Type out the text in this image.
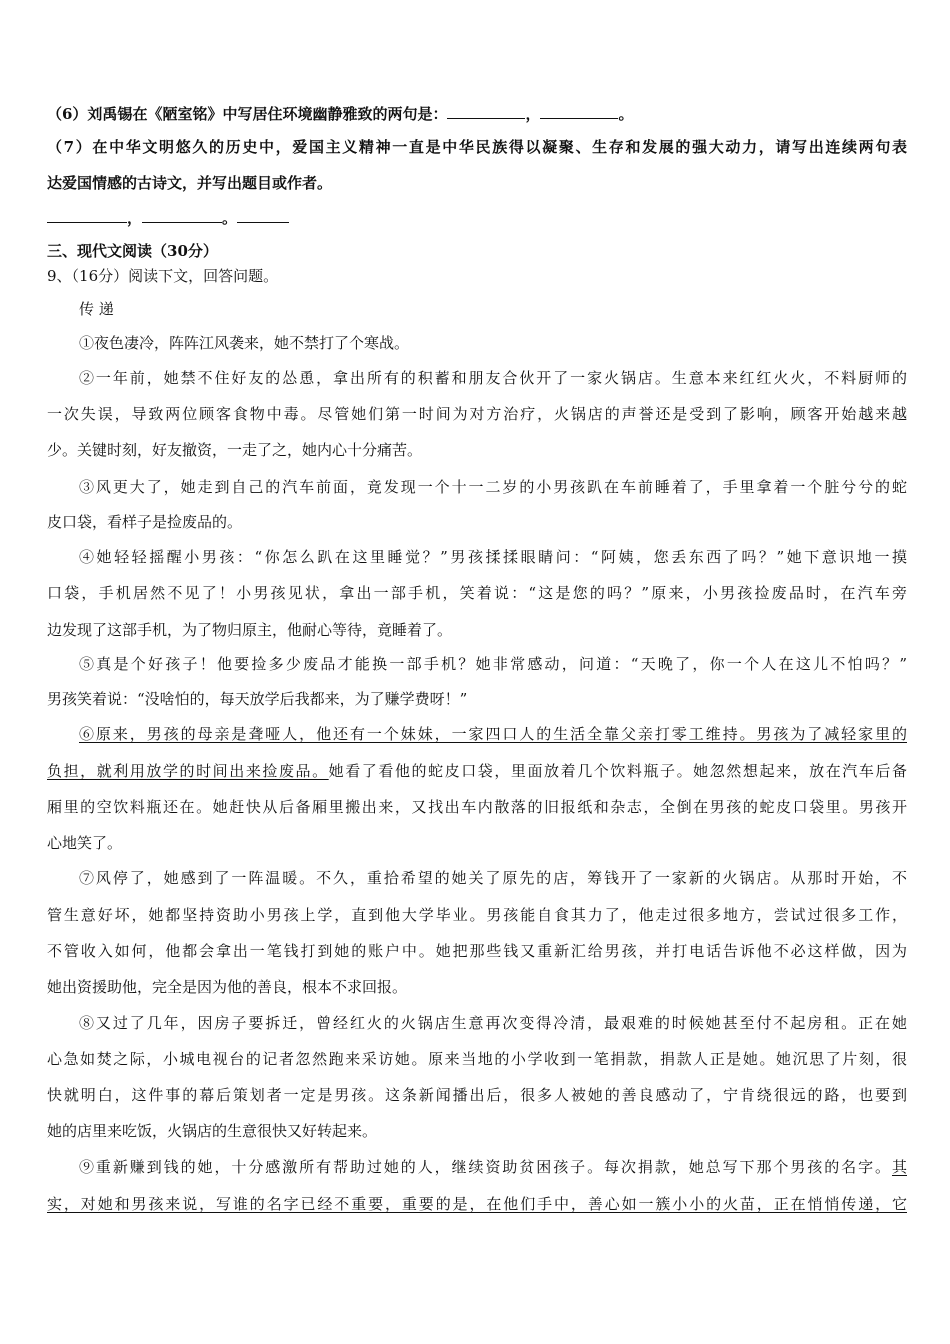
（6）刘禹锡在《陋室铭》中写居住环境幽静雅致的两句是：	，	。
（7）在中华文明悠久的历史中，爱国主义精神一直是中华民族得以凝聚、生存和发展的强大动力，请写出连续两句表
达爱国情感的古诗文，并写出题目或作者。
，	。
三、现代文阅读（30分）
9、（16分）阅读下文，回答问题。
传 递
①夜色凄冷，阵阵江风袭来，她不禁打了个寒战。
②一年前，她禁不住好友的怂恿，拿出所有的积蓄和朋友合伙开了一家火锅店。生意本来红红火火，不料厨师的
一次失误，导致两位顾客食物中毒。尽管她们第一时间为对方治疗，火锅店的声誉还是受到了影响，顾客开始越来越
少。关键时刻，好友撤资，一走了之，她内心十分痛苦。
③风更大了，她走到自己的汽车前面，竟发现一个十一二岁的小男孩趴在车前睡着了，手里拿着一个脏兮兮的蛇
皮口袋，看样子是捡废品的。
④她轻轻摇醒小男孩：“你怎么趴在这里睡觉？”男孩揉揉眼睛问：“阿姨，您丢东西了吗？”她下意识地一摸
口袋，手机居然不见了！小男孩见状，拿出一部手机，笑着说：“这是您的吗？”原来，小男孩捡废品时，在汽车旁
边发现了这部手机，为了物归原主，他耐心等待，竟睡着了。
⑤真是个好孩子！他要捡多少废品才能换一部手机？她非常感动，问道：“天晚了，你一个人在这儿不怕吗？”
男孩笑着说：“没啥怕的，每天放学后我都来，为了赚学费呀！”
⑥原来，男孩的母亲是聋哑人，他还有一个妹妹，一家四口人的生活全靠父亲打零工维持。男孩为了减轻家里的
负担，就利用放学的时间出来捡废品。她看了看他的蛇皮口袋，里面放着几个饮料瓶子。她忽然想起来，放在汽车后备
厢里的空饮料瓶还在。她赶快从后备厢里搬出来，又找出车内散落的旧报纸和杂志，全倒在男孩的蛇皮口袋里。男孩开
心地笑了。
⑦风停了，她感到了一阵温暖。不久，重拾希望的她关了原先的店，筹钱开了一家新的火锅店。从那时开始，不
管生意好坏，她都坚持资助小男孩上学，直到他大学毕业。男孩能自食其力了，他走过很多地方，尝试过很多工作，
不管收入如何，他都会拿出一笔钱打到她的账户中。她把那些钱又重新汇给男孩，并打电话告诉他不必这样做，因为
她出资援助他，完全是因为他的善良，根本不求回报。
⑧又过了几年，因房子要拆迁，曾经红火的火锅店生意再次变得冷清，最艰难的时候她甚至付不起房租。正在她
心急如焚之际，小城电视台的记者忽然跑来采访她。原来当地的小学收到一笔捐款，捐款人正是她。她沉思了片刻，很
快就明白，这件事的幕后策划者一定是男孩。这条新闻播出后，很多人被她的善良感动了，宁肯绕很远的路，也要到
她的店里来吃饭，火锅店的生意很快又好转起来。
⑨重新赚到钱的她，十分感激所有帮助过她的人，继续资助贫困孩子。每次捐款，她总写下那个男孩的名字。其
实，对她和男孩来说，写谁的名字已经不重要，重要的是，在他们手中，善心如一簇小小的火苗，正在悄悄传递，它
